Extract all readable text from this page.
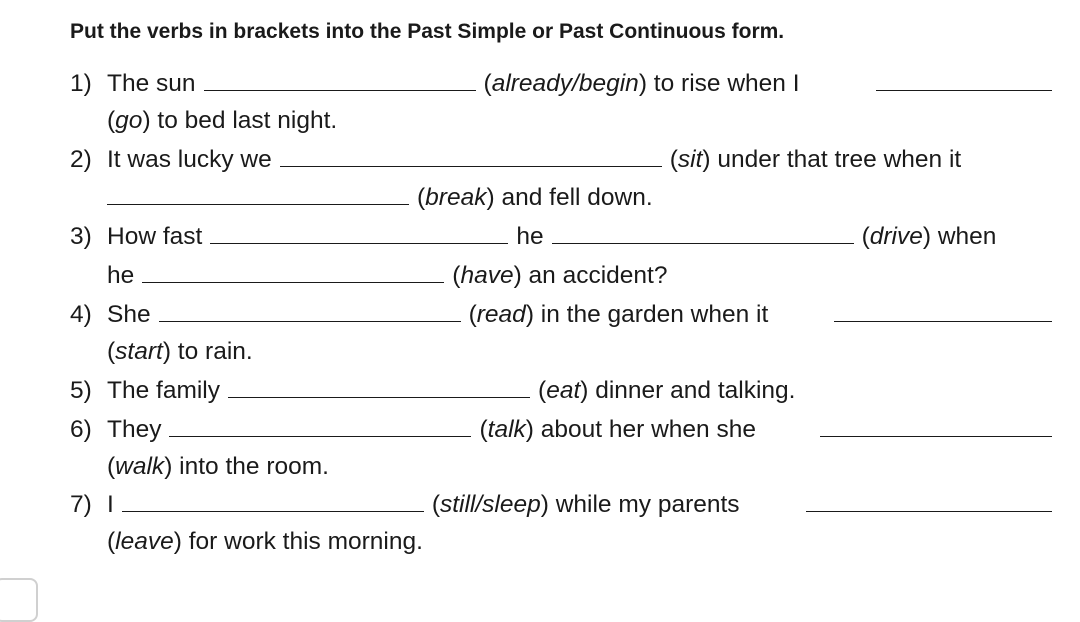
Put the verbs in brackets into the Past Simple or Past Continuous form.
1) The sun	( already/begin ) to rise when I
( go ) to bed last night.
2) It was lucky we	( sit ) under that tree when it
( break ) and fell down.
3) How fast	he	( drive ) when
he	( have ) an accident?
4) She	( read ) in the garden when it
( start ) to rain.
5) The family	( eat ) dinner and talking.
6) They	( talk ) about her when she
( walk ) into the room.
7) I	( still/sleep ) while my parents
( leave ) for work this morning.
